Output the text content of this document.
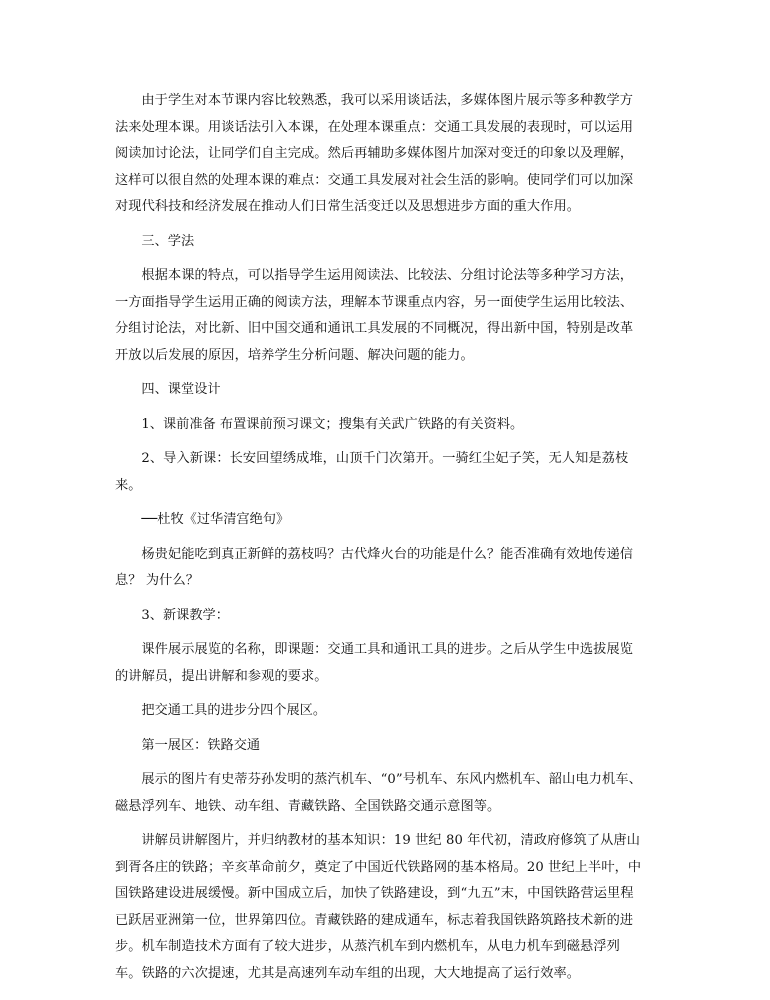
由于学生对本节课内容比较熟悉，我可以采用谈话法，多媒体图片展示等多种教学方
法来处理本课。用谈话法引入本课，在处理本课重点：交通工具发展的表现时，可以运用
阅读加讨论法，让同学们自主完成。然后再辅助多媒体图片加深对变迁的印象以及理解，
这样可以很自然的处理本课的难点：交通工具发展对社会生活的影响。使同学们可以加深
对现代科技和经济发展在推动人们日常生活变迁以及思想进步方面的重大作用。

三、学法

根据本课的特点，可以指导学生运用阅读法、比较法、分组讨论法等多种学习方法，
一方面指导学生运用正确的阅读方法，理解本节课重点内容，另一面使学生运用比较法、
分组讨论法，对比新、旧中国交通和通讯工具发展的不同概况，得出新中国，特别是改革
开放以后发展的原因，培养学生分析问题、解决问题的能力。

四、课堂设计

1、课前准备 布置课前预习课文；搜集有关武广铁路的有关资料。

2、导入新课：长安回望绣成堆，山顶千门次第开。一骑红尘妃子笑，无人知是荔枝
来。

──杜牧《过华清宫绝句》

杨贵妃能吃到真正新鲜的荔枝吗？古代烽火台的功能是什么？能否准确有效地传递信
息？ 为什么？

3、新课教学：

课件展示展览的名称，即课题：交通工具和通讯工具的进步。之后从学生中选拔展览
的讲解员，提出讲解和参观的要求。

把交通工具的进步分四个展区。

第一展区：铁路交通

展示的图片有史蒂芬孙发明的蒸汽机车、“0”号机车、东风内燃机车、韶山电力机车、
磁悬浮列车、地铁、动车组、青藏铁路、全国铁路交通示意图等。

讲解员讲解图片，并归纳教材的基本知识：19 世纪 80 年代初，清政府修筑了从唐山
到胥各庄的铁路；辛亥革命前夕，奠定了中国近代铁路网的基本格局。20 世纪上半叶，中
国铁路建设进展缓慢。新中国成立后，加快了铁路建设，到“九五”末，中国铁路营运里程
已跃居亚洲第一位，世界第四位。青藏铁路的建成通车，标志着我国铁路筑路技术新的进
步。机车制造技术方面有了较大进步，从蒸汽机车到内燃机车，从电力机车到磁悬浮列
车。铁路的六次提速，尤其是高速列车动车组的出现，大大地提高了运行效率。
